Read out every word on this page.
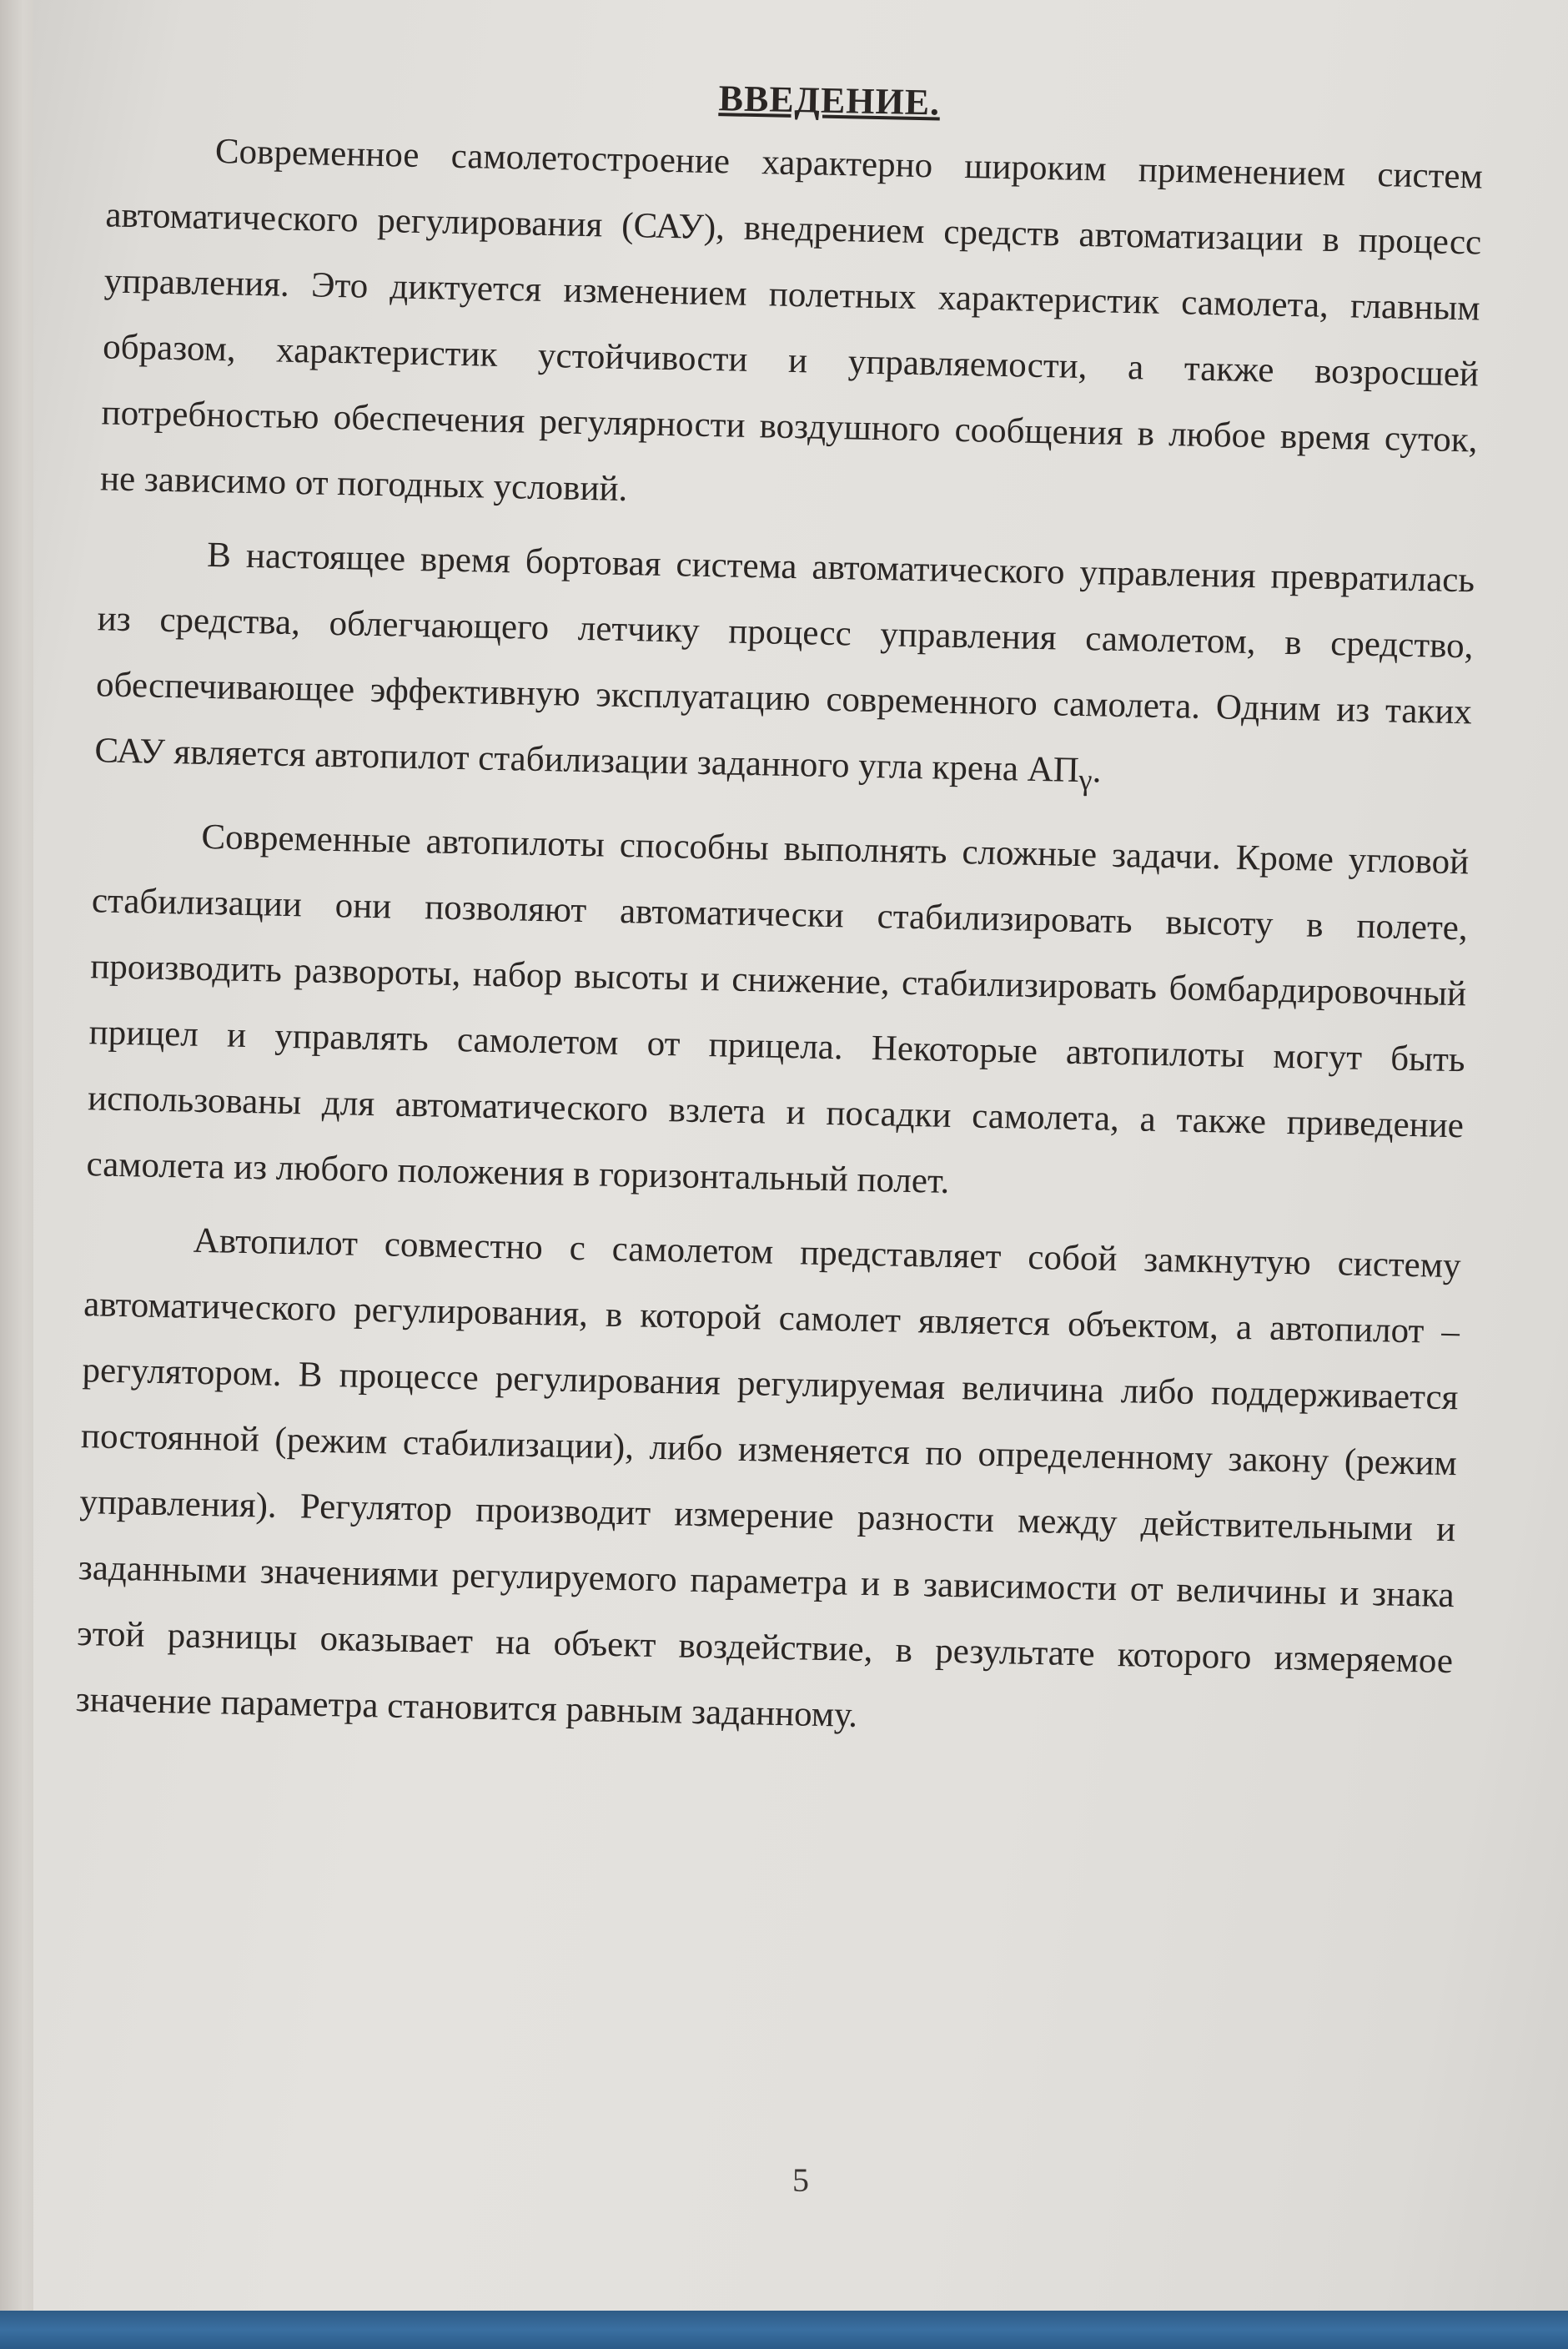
5
ВВЕДЕНИЕ.

Современное самолетостроение характерно широким применением систем автоматического регулирования (САУ), внедрением средств автоматизации в процесс управления. Это диктуется изменением полетных характеристик самолета, главным образом, характеристик устойчивости и управляемости, а также возросшей потребностью обеспечения регулярности воздушного сообщения в любое время суток, не зависимо от погодных условий.

В настоящее время бортовая система автоматического управления превратилась из средства, облегчающего летчику процесс управления самолетом, в средство, обеспечивающее эффективную эксплуатацию современного самолета. Одним из таких САУ является автопилот стабилизации заданного угла крена $АП_\gamma$.

Современные автопилоты способны выполнять сложные задачи. Кроме угловой стабилизации они позволяют автоматически стабилизировать высоту в полете, производить развороты, набор высоты и снижение, стабилизировать бомбардировочный прицел и управлять самолетом от прицела. Некоторые автопилоты могут быть использованы для автоматического взлета и посадки самолета, а также приведение самолета из любого положения в горизонтальный полет.

Автопилот совместно с самолетом представляет собой замкнутую систему автоматического регулирования, в которой самолет является объектом, а автопилот – регулятором. В процессе регулирования регулируемая величина либо поддерживается постоянной (режим стабилизации), либо изменяется по определенному закону (режим управления). Регулятор производит измерение разности между действительными и заданными значениями регулируемого параметра и в зависимости от величины и знака этой разницы оказывает на объект воздействие, в результате которого измеряемое значение параметра становится равным заданному.
